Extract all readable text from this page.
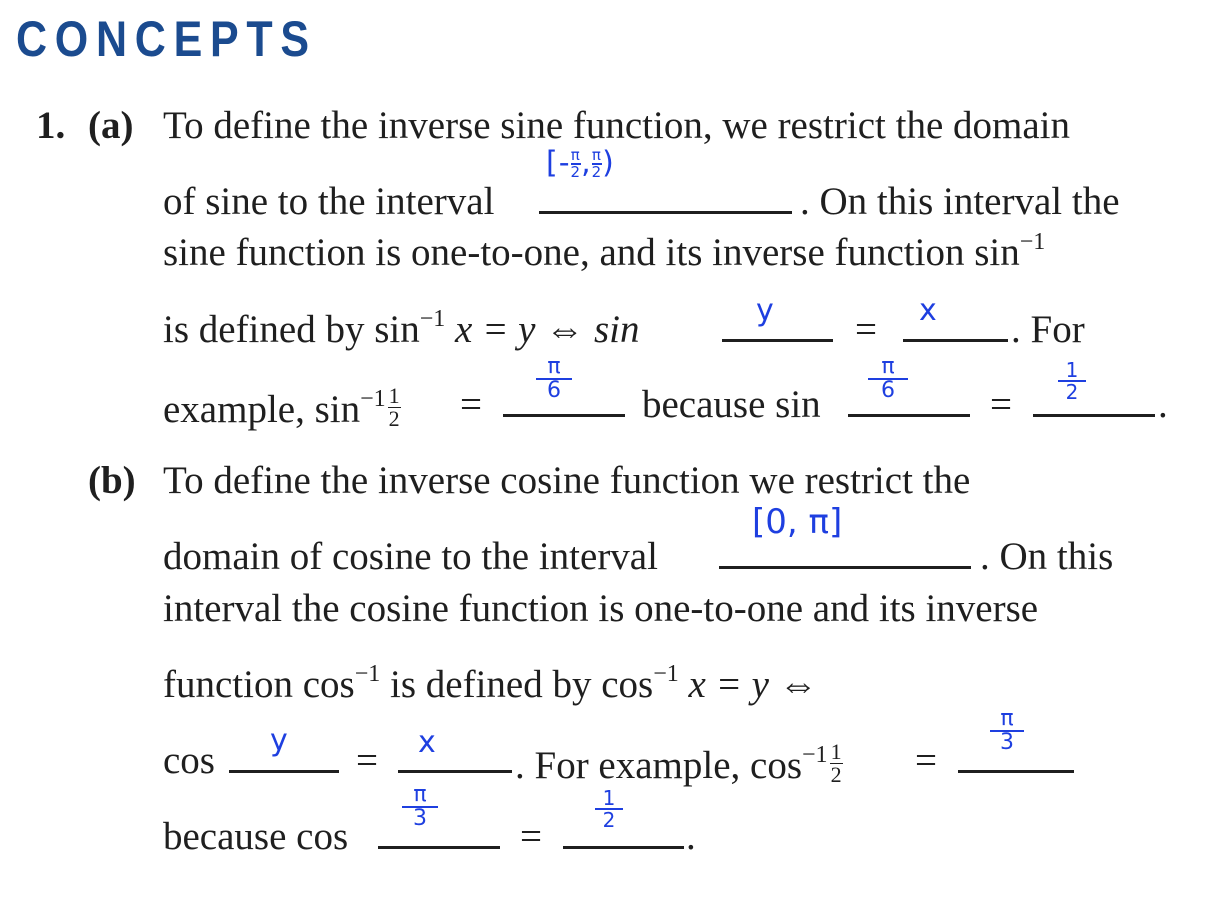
CONCEPTS
1. (a) To define the inverse sine function, we restrict the domain
of sine to the interval
[- $\frac{\pi}{2}$ , $\frac{\pi}{2}$ )
. On this interval the
sine function is one-to-one, and its inverse function $\sin^{-1}$
is defined by $\sin^{-1} x = y$ ⇔ sin	y = x . For
example, $\sin^{-1} \frac{1}{2}$ =
π
6 because sin
π
6	=
1
2 .
(b) To define the inverse cosine function we restrict the
domain of cosine to the interval
[0, π]
. On this
interval the cosine function is one-to-one and its inverse
function $\cos^{-1}$ is defined by $\cos^{-1} x = y$ ⇔
cos y = x
. For example, $\cos^{-1} \frac{1}{2}$ =
π
3
because cos
π
3 =
1
2 .
